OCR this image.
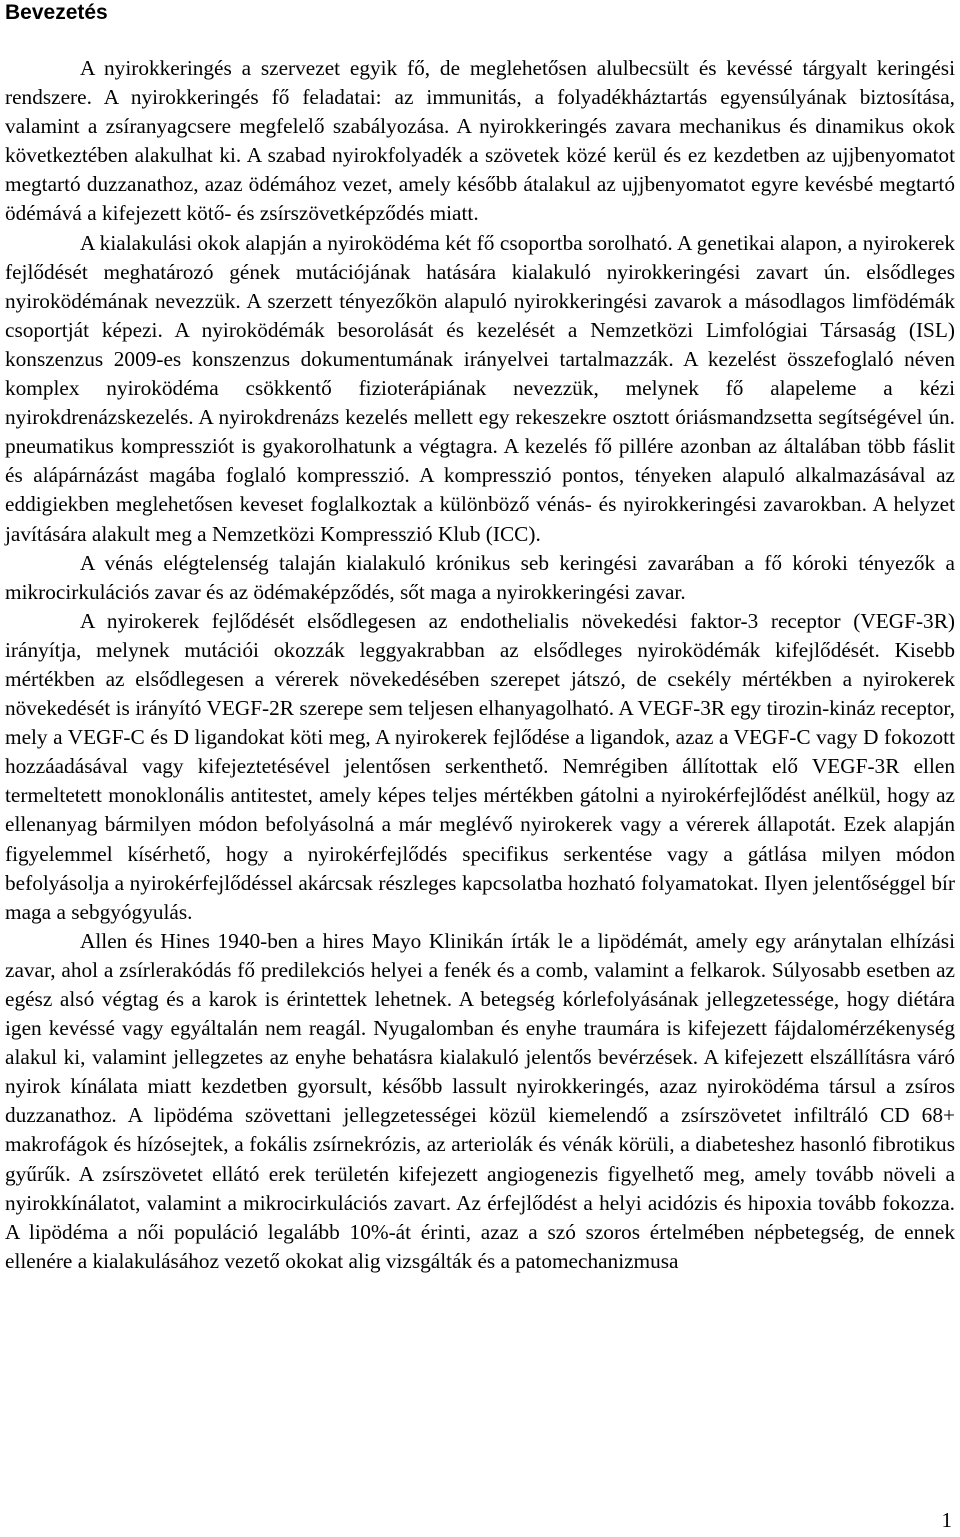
Bevezetés

A nyirokkeringés a szervezet egyik fő, de meglehetősen alulbecsült és kevéssé tárgyalt keringési rendszere. A nyirokkeringés fő feladatai: az immunitás, a folyadékháztartás egyensúlyának biztosítása, valamint a zsíranyagcsere megfelelő szabályozása. A nyirokkeringés zavara mechanikus és dinamikus okok következtében alakulhat ki. A szabad nyirokfolyadék a szövetek közé kerül és ez kezdetben az ujjbenyomatot megtartó duzzanathoz, azaz ödémához vezet, amely később átalakul az ujjbenyomatot egyre kevésbé megtartó ödémává a kifejezett kötő- és zsírszövetképződés miatt.

A kialakulási okok alapján a nyiroködéma két fő csoportba sorolható. A genetikai alapon, a nyirokerek fejlődését meghatározó gének mutációjának hatására kialakuló nyirokkeringési zavart ún. elsődleges nyiroködémának nevezzük. A szerzett tényezőkön alapuló nyirokkeringési zavarok a másodlagos limfödémák csoportját képezi. A nyiroködémák besorolását és kezelését a Nemzetközi Limfológiai Társaság (ISL) konszenzus 2009-es konszenzus dokumentumának irányelvei tartalmazzák. A kezelést összefoglaló néven komplex nyiroködéma csökkentő fizioterápiának nevezzük, melynek fő alapeleme a kézi nyirokdrenázskezelés. A nyirokdrenázs kezelés mellett egy rekeszekre osztott óriásmandzsetta segítségével ún. pneumatikus kompressziót is gyakorolhatunk a végtagra. A kezelés fő pillére azonban az általában több fáslit és alápárnázást magába foglaló kompresszió. A kompresszió pontos, tényeken alapuló alkalmazásával az eddigiekben meglehetősen keveset foglalkoztak a különböző vénás- és nyirokkeringési zavarokban. A helyzet javítására alakult meg a Nemzetközi Kompresszió Klub (ICC).

A vénás elégtelenség talaján kialakuló krónikus seb keringési zavarában a fő kóroki tényezők a mikrocirkulációs zavar és az ödémaképződés, sőt maga a nyirokkeringési zavar.

A nyirokerek fejlődését elsődlegesen az endothelialis növekedési faktor-3 receptor (VEGF-3R) irányítja, melynek mutációi okozzák leggyakrabban az elsődleges nyiroködémák kifejlődését. Kisebb mértékben az elsődlegesen a vérerek növekedésében szerepet játszó, de csekély mértékben a nyirokerek növekedését is irányító VEGF-2R szerepe sem teljesen elhanyagolható. A VEGF-3R egy tirozin-kináz receptor, mely a VEGF-C és D ligandokat köti meg, A nyirokerek fejlődése a ligandok, azaz a VEGF-C vagy D fokozott hozzáadásával vagy kifejeztetésével jelentősen serkenthető. Nemrégiben állítottak elő VEGF-3R ellen termeltetett monoklonális antitestet, amely képes teljes mértékben gátolni a nyirokérfejlődést anélkül, hogy az ellenanyag bármilyen módon befolyásolná a már meglévő nyirokerek vagy a vérerek állapotát. Ezek alapján figyelemmel kísérhető, hogy a nyirokérfejlődés specifikus serkentése vagy a gátlása milyen módon befolyásolja a nyirokérfejlődéssel akárcsak részleges kapcsolatba hozható folyamatokat. Ilyen jelentőséggel bír maga a sebgyógyulás.

Allen és Hines 1940-ben a hires Mayo Klinikán írták le a lipödémát, amely egy aránytalan elhízási zavar, ahol a zsírlerakódás fő predilekciós helyei a fenék és a comb, valamint a felkarok. Súlyosabb esetben az egész alsó végtag és a karok is érintettek lehetnek. A betegség kórlefolyásának jellegzetessége, hogy diétára igen kevéssé vagy egyáltalán nem reagál. Nyugalomban és enyhe traumára is kifejezett fájdalomérzékenység alakul ki, valamint jellegzetes az enyhe behatásra kialakuló jelentős bevérzések. A kifejezett elszállításra váró nyirok kínálata miatt kezdetben gyorsult, később lassult nyirokkeringés, azaz nyiroködéma társul a zsíros duzzanathoz. A lipödéma szövettani jellegzetességei közül kiemelendő a zsírszövetet infiltráló CD 68+ makrofágok és hízósejtek, a fokális zsírnekrózis, az arteriolák és vénák körüli, a diabeteshez hasonló fibrotikus gyűrűk. A zsírszövetet ellátó erek területén kifejezett angiogenezis figyelhető meg, amely tovább növeli a nyirokkínálatot, valamint a mikrocirkulációs zavart. Az érfejlődést a helyi acidózis és hipoxia tovább fokozza. A lipödéma a női populáció legalább 10%-át érinti, azaz a szó szoros értelmében népbetegség, de ennek ellenére a kialakulásához vezető okokat alig vizsgálták és a patomechanizmusa

1
